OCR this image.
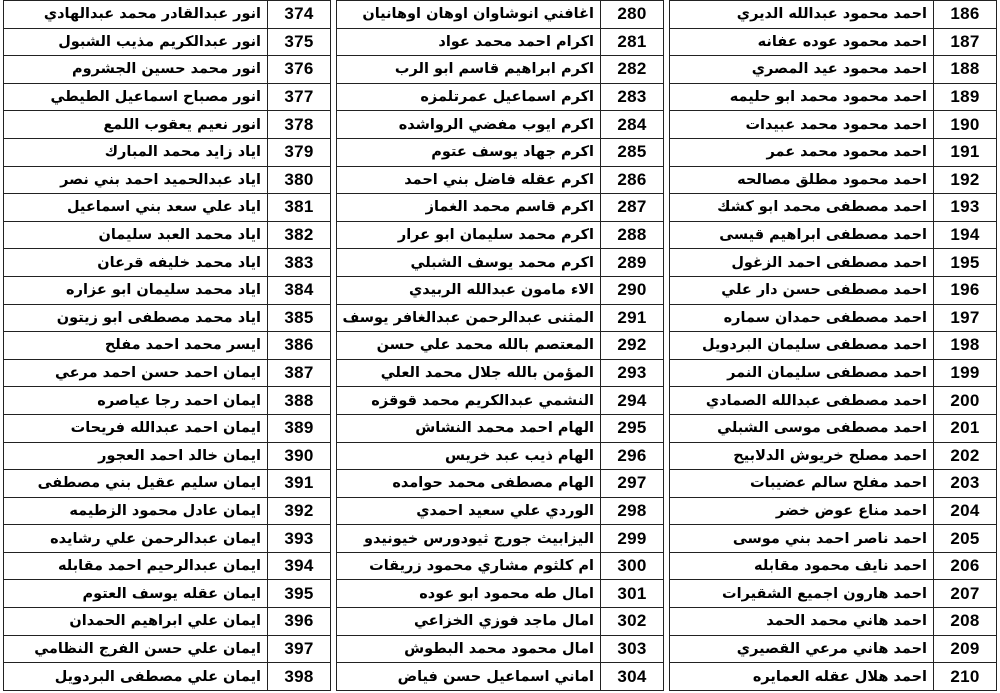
انور عبدالقادر محمد عبدالهادي	374
انور عبدالكريم مذيب الشبول	375
انور محمد حسين الجشروم	376
انور مصباح اسماعيل الطيطي	377
انور نعيم يعقوب اللمع	378
اياد زايد محمد المبارك	379
اياد عبدالحميد احمد بني نصر	380
اياد علي سعد بني اسماعيل	381
اياد محمد العبد سليمان	382
اياد محمد خليفه قرعان	383
اياد محمد سليمان ابو عزاره	384
اياد محمد مصطفى ابو زيتون	385
ايسر محمد احمد مفلح	386
ايمان احمد حسن احمد مرعي	387
ايمان احمد رجا عياصره	388
ايمان احمد عبدالله فريحات	389
ايمان خالد احمد العجور	390
ايمان سليم عقيل بني مصطفى	391
ايمان عادل محمود الزطيمه	392
ايمان عبدالرحمن علي رشايده	393
ايمان عبدالرحيم احمد مقابله	394
ايمان عقله يوسف العتوم	395
ايمان علي ابراهيم الحمدان	396
ايمان علي حسن الفرج النظامي	397
ايمان علي مصطفى البردويل	398
اغافني انوشاوان اوهان اوهانيان	280
اكرام احمد محمد عواد	281
اكرم ابراهيم قاسم ابو الرب	282
اكرم اسماعيل عمرتلمزه	283
اكرم ايوب مفضي الرواشده	284
اكرم جهاد يوسف عتوم	285
اكرم عقله فاضل بني احمد	286
اكرم قاسم محمد الغماز	287
اكرم محمد سليمان ابو عرار	288
اكرم محمد يوسف الشبلي	289
الاء مامون عبدالله الربيدي	290
المثنى عبدالرحمن عبدالغافر يوسف	291
المعتصم بالله محمد علي حسن	292
المؤمن بالله جلال محمد العلي	293
النشمي عبدالكريم محمد قوقزه	294
الهام احمد محمد النشاش	295
الهام ذيب عبد خريس	296
الهام مصطفى محمد حوامده	297
الوردي علي سعيد احمدي	298
اليزابيث جورج ثيودورس خيونيدو	299
ام كلثوم مشاري محمود زريقات	300
امال طه محمود ابو عوده	301
امال ماجد فوزي الخزاعي	302
امال محمود محمد البطوش	303
اماني اسماعيل حسن فياض	304
احمد محمود عبدالله الديري	186
احمد محمود عوده عفانه	187
احمد محمود عيد المصري	188
احمد محمود محمد ابو حليمه	189
احمد محمود محمد عبيدات	190
احمد محمود محمد عمر	191
احمد محمود مطلق مصالحه	192
احمد مصطفى محمد ابو كشك	193
احمد مصطفى ابراهيم قيسى	194
احمد مصطفى احمد الزغول	195
احمد مصطفى حسن دار علي	196
احمد مصطفى حمدان سماره	197
احمد مصطفى سليمان البردويل	198
احمد مصطفى سليمان النمر	199
احمد مصطفى عبدالله الصمادي	200
احمد مصطفى موسى الشبلي	201
احمد مصلح خريوش الدلابيح	202
احمد مفلح سالم عضيبات	203
احمد مناع عوض خضر	204
احمد ناصر احمد بني موسى	205
احمد نايف محمود مقابله	206
احمد هارون اجميع الشقيرات	207
احمد هاني محمد الحمد	208
احمد هاني مرعي القصيري	209
احمد هلال عقله العمايره	210
